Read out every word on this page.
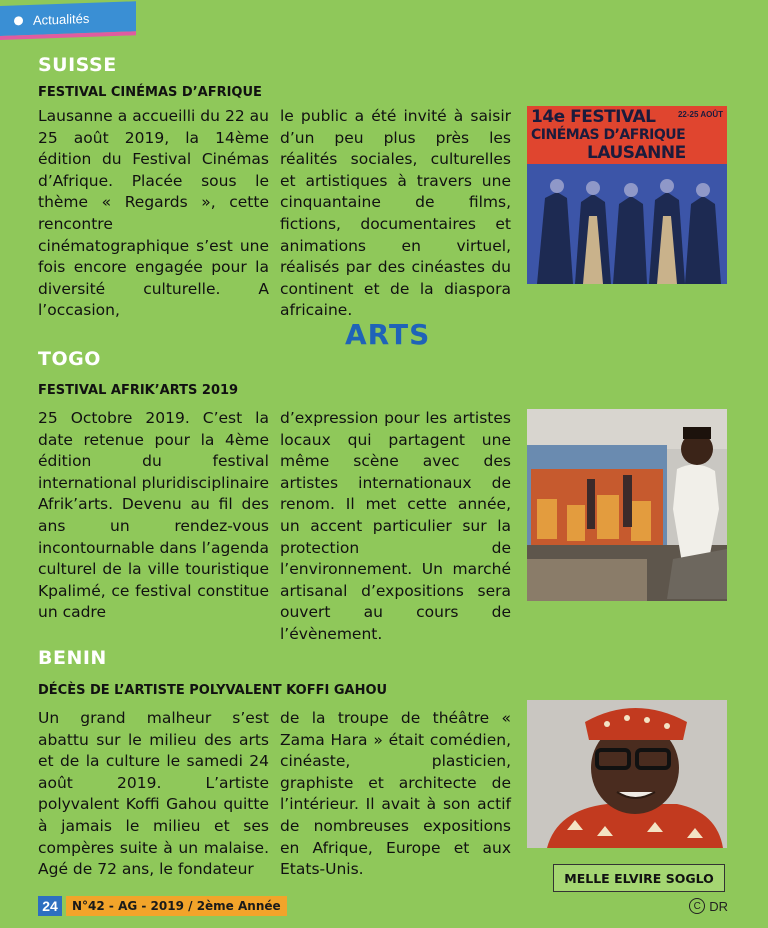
Actualités
SUISSE
FESTIVAL CINÉMAS D’AFRIQUE
Lausanne a accueilli du 22 au 25 août 2019, la 14ème édition du Festival Cinémas d’Afrique. Placée sous le thème « Regards », cette rencontre cinématographique s’est une fois encore engagée pour la diversité culturelle. A l’occasion,
le public a été invité à saisir d’un peu plus près les réalités sociales, culturelles et artistiques à travers une cinquantaine de films, fictions, documentaires et animations en virtuel, réalisés par des cinéastes du continent et de la diaspora africaine.
14e FESTIVAL
CINÉMAS D’AFRIQUE
LAUSANNE
22-25 AOÛT
ARTS
TOGO
FESTIVAL AFRIK’ARTS 2019
25 Octobre 2019. C’est la date retenue pour la 4ème édition du festival international pluridisciplinaire Afrik’arts. Devenu au fil des ans un rendez-vous incontournable dans l’agenda culturel de la ville touristique Kpalimé, ce festival constitue un cadre
d’expression pour les artistes locaux qui partagent une même scène avec des artistes internationaux de renom. Il met cette année, un accent particulier sur la protection de l’environnement. Un marché artisanal d’expositions sera ouvert au cours de l’évènement.
BENIN
DÉCÈS DE L’ARTISTE POLYVALENT KOFFI GAHOU
Un grand malheur s’est abattu sur le milieu des arts et de la culture le samedi 24 août 2019. L’artiste polyvalent Koffi Gahou quitte à jamais le milieu et ses compères suite à un malaise. Agé de 72 ans, le fondateur
de la troupe de théâtre « Zama Hara » était comédien, cinéaste, plasticien, graphiste et architecte de l’intérieur. Il avait à son actif de nombreuses expositions en Afrique, Europe et aux Etats-Unis.	MELLE ELVIRE SOGLO
24	N°42 - AG - 2019 / 2ème Année	C DR
